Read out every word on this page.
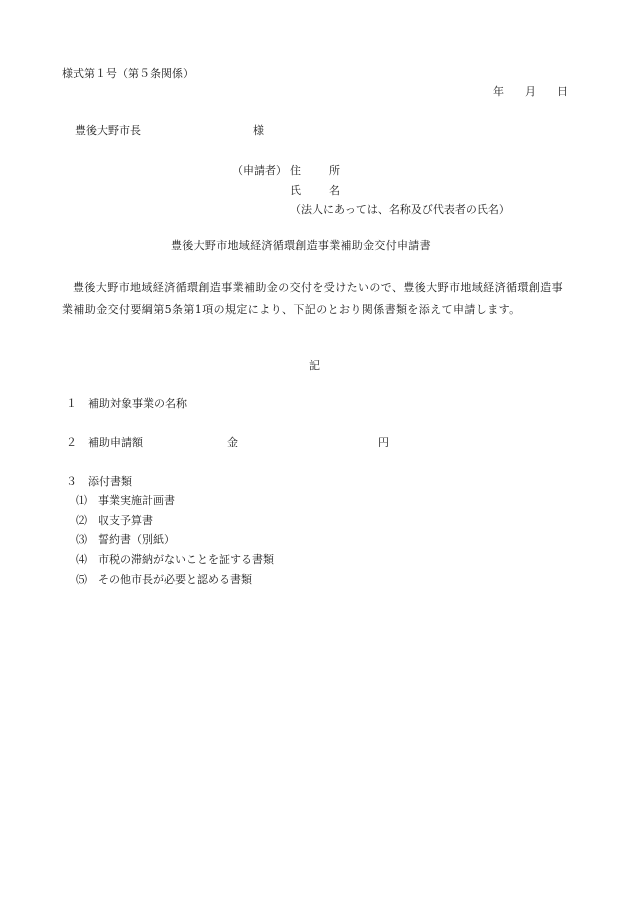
様式第１号（第５条関係）
年 月 日
豊後大野市長	様
（申請者） 住　　所
氏　　名
（法人にあっては、名称及び代表者の氏名）
豊後大野市地域経済循環創造事業補助金交付申請書
豊後大野市地域経済循環創造事業補助金の交付を受けたいので、豊後大野市地域経済循環創造事業補助金交付要綱第5条第1項の規定により、下記のとおり関係書類を添えて申請します。
記
１ 補助対象事業の名称
２ 補助申請額	金	円
３ 添付書類
⑴ 事業実施計画書
⑵ 収支予算書
⑶ 誓約書（別紙）
⑷ 市税の滞納がないことを証する書類
⑸ その他市長が必要と認める書類
